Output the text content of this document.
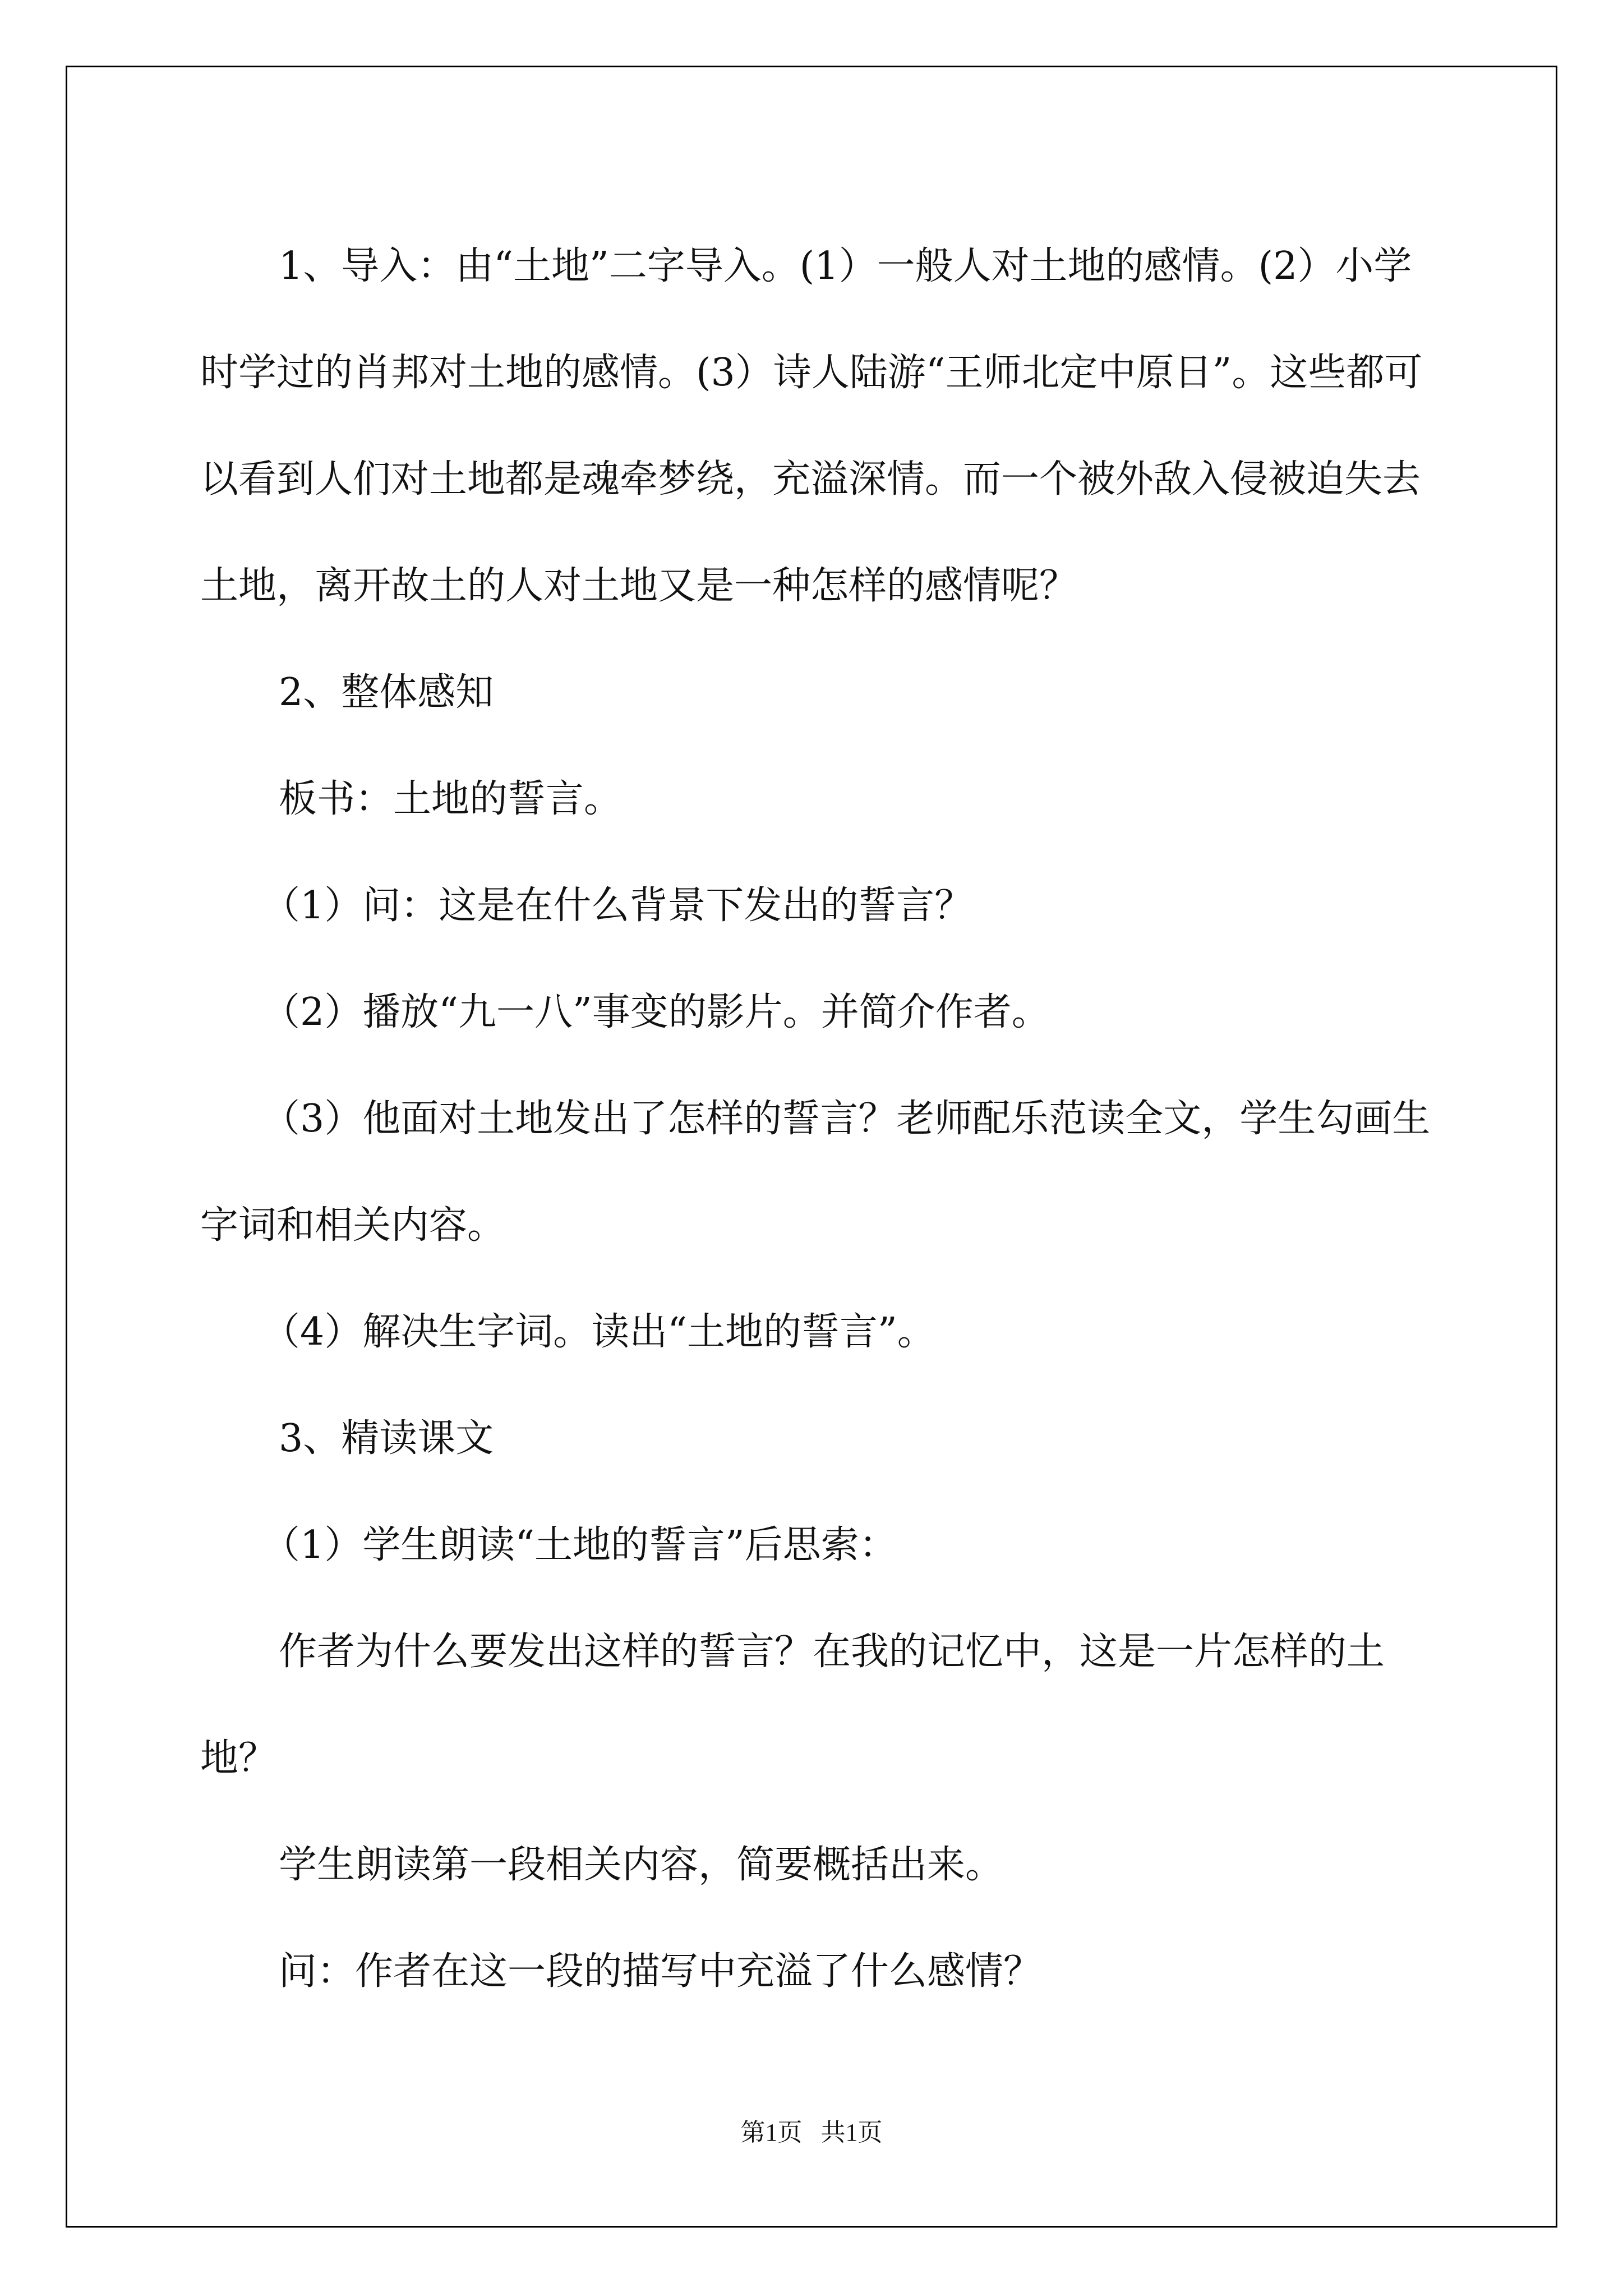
1、导入：由“土地”二字导入。(1）一般人对土地的感情。(2）小学时学过的肖邦对土地的感情。(3）诗人陆游“王师北定中原日”。这些都可以看到人们对土地都是魂牵梦绕，充溢深情。而一个被外敌入侵被迫失去土地，离开故土的人对土地又是一种怎样的感情呢？

2、整体感知

板书：土地的誓言。

（1）问：这是在什么背景下发出的誓言？

（2）播放“九一八”事变的影片。并简介作者。

（3）他面对土地发出了怎样的誓言？老师配乐范读全文，学生勾画生字词和相关内容。

（4）解决生字词。读出“土地的誓言”。

3、精读课文

（1）学生朗读“土地的誓言”后思索：

作者为什么要发出这样的誓言？在我的记忆中，这是一片怎样的土地？

学生朗读第一段相关内容，简要概括出来。

问：作者在这一段的描写中充溢了什么感情？

第1页   共1页
